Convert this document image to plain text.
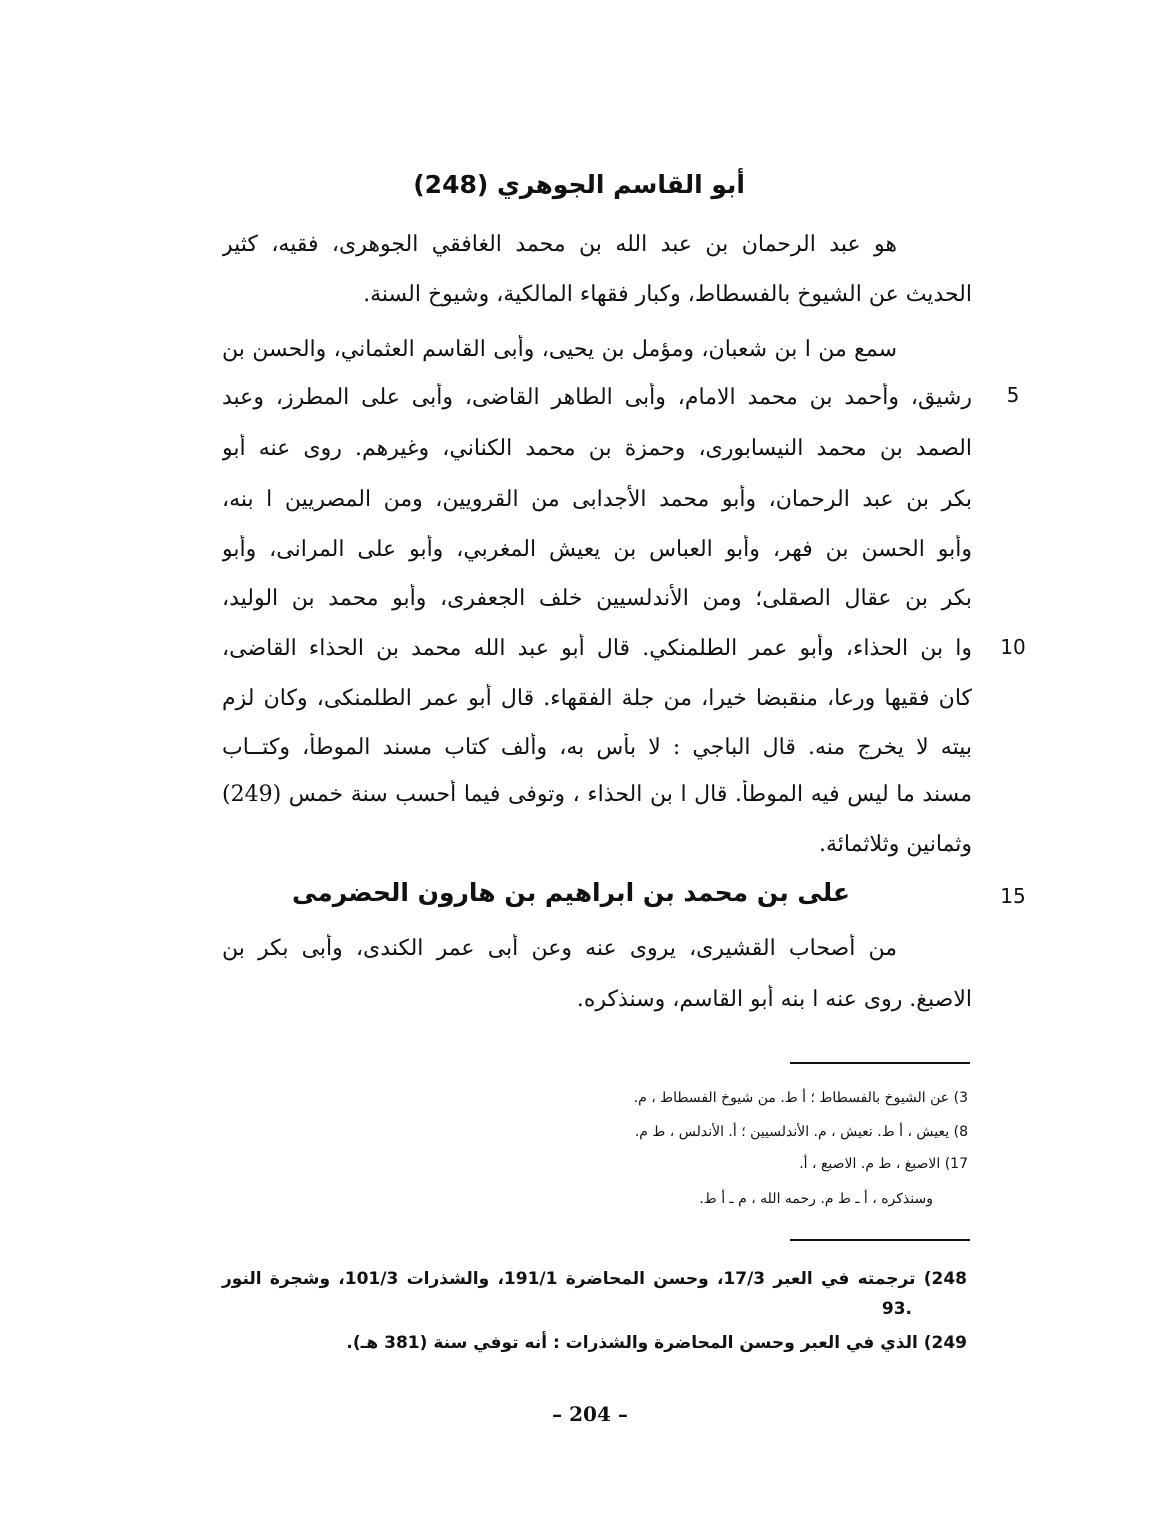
أبو القاسم الجوهري (248)
هو عبد الرحمان بن عبد الله بن محمد الغافقي الجوهرى، فقيه، كثير
الحديث عن الشيوخ بالفسطاط، وكبار فقهاء المالكية، وشيوخ السنة.
سمع من ا بن شعبان، ومؤمل بن يحيى، وأبى القاسم العثماني، والحسن بن
رشيق، وأحمد بن محمد الامام، وأبى الطاهر القاضى، وأبى على المطرز، وعبد
الصمد بن محمد النيسابورى، وحمزة بن محمد الكناني، وغيرهم. روى عنه أبو
بكر بن عبد الرحمان، وأبو محمد الأجدابى من القرويين، ومن المصريين ا بنه،
وأبو الحسن بن فهر، وأبو العباس بن يعيش المغربي، وأبو على المرانى، وأبو
بكر بن عقال الصقلى؛ ومن الأندلسيين خلف الجعفرى، وأبو محمد بن الوليد،
وا بن الحذاء، وأبو عمر الطلمنكي. قال أبو عبد الله محمد بن الحذاء القاضى،
كان فقيها ورعا، منقبضا خيرا، من جلة الفقهاء. قال أبو عمر الطلمنكى، وكان لزم
بيته لا يخرج منه. قال الباجي : لا بأس به، وألف كتاب مسند الموطأ، وكتــاب
مسند ما ليس فيه الموطأ. قال ا بن الحذاء ، وتوفى فيما أحسب سنة خمس (249)
وثمانين وثلاثمائة.
على بن محمد بن ابراهيم بن هارون الحضرمى
من أصحاب القشيرى، يروى عنه وعن أبى عمر الكندى، وأبى بكر بن
الاصبغ. روى عنه ا بنه أبو القاسم، وسنذكره.
5
10
15
3) عن الشيوخ بالفسطاط ؛ أ ط. من شيوخ الفسطاط ، م.
8) يعيش ، أ ط. نعيش ، م. الأندلسيين ؛ أ. الأندلس ، ط م.
17) الاصبغ ، ط م. الاصبع ، أ.
وسنذكره ، أ ـ ط م. رحمه الله ، م ـ أ ط.
248) ترجمته في العبر 17/3، وحسن المحاضرة 191/1، والشذرات 101/3، وشجرة النور
93.
249) الذي في العبر وحسن المحاضرة والشذرات : أنه توفي سنة (381 هـ).
– 204 –
